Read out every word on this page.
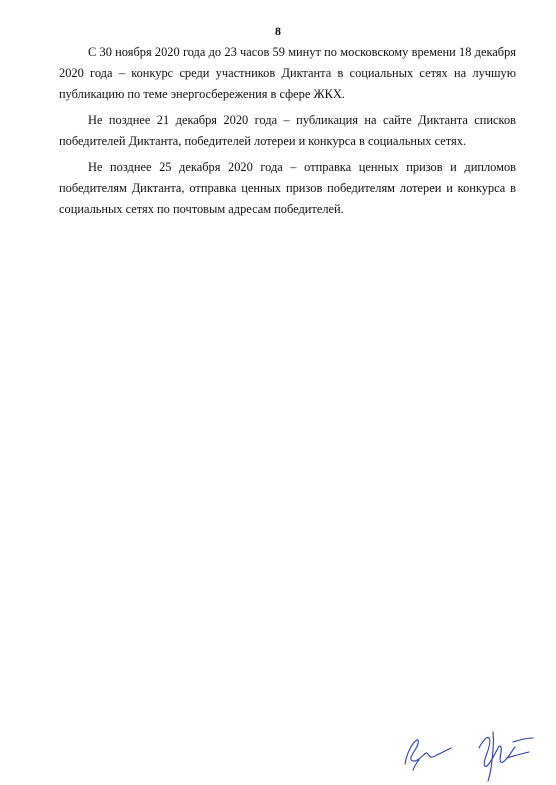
8

С 30 ноября 2020 года до 23 часов 59 минут по московскому времени 18 декабря 2020 года – конкурс среди участников Диктанта в социальных сетях на лучшую публикацию по теме энергосбережения в сфере ЖКХ.

Не позднее 21 декабря 2020 года – публикация на сайте Диктанта списков победителей Диктанта, победителей лотереи и конкурса в социальных сетях.

Не позднее 25 декабря 2020 года – отправка ценных призов и дипломов победителям Диктанта, отправка ценных призов победителям лотереи и конкурса в социальных сетях по почтовым адресам победителей.
